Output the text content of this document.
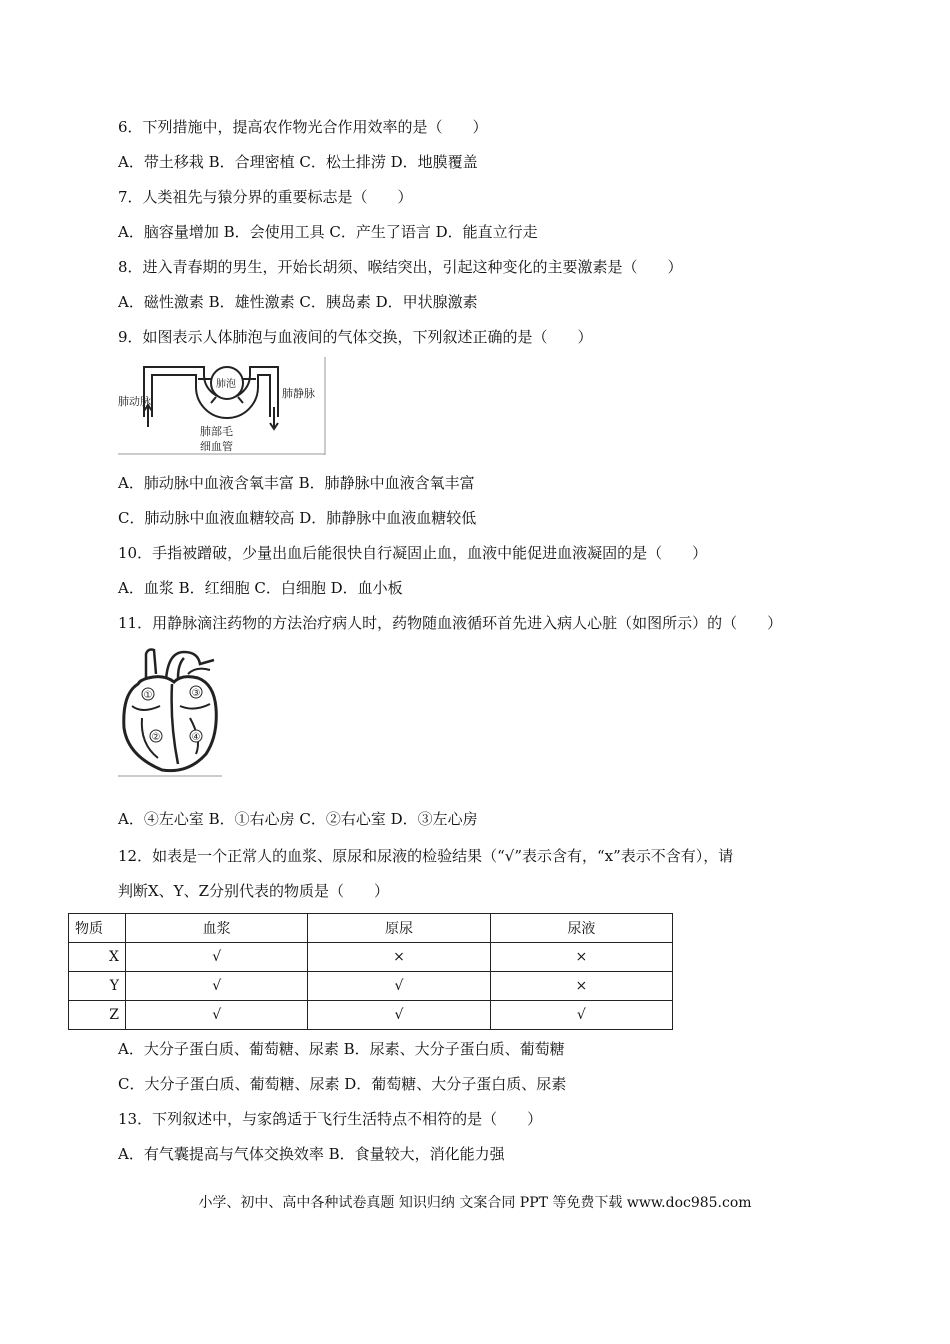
6．下列措施中，提高农作物光合作用效率的是（　　）
A．带土移栽 B．合理密植 C．松土排涝 D．地膜覆盖
7．人类祖先与猿分界的重要标志是（　　）
A．脑容量增加 B．会使用工具 C．产生了语言 D．能直立行走
8．进入青春期的男生，开始长胡须、喉结突出，引起这种变化的主要激素是（　　）
A．磁性激素 B．雄性激素 C．胰岛素 D．甲状腺激素
9．如图表示人体肺泡与血液间的气体交换，下列叙述正确的是（　　）
肺动脉
肺静脉
肺泡
肺部毛
细血管
A．肺动脉中血液含氧丰富 B．肺静脉中血液含氧丰富
C．肺动脉中血液血糖较高 D．肺静脉中血液血糖较低
10．手指被蹭破，少量出血后能很快自行凝固止血，血液中能促进血液凝固的是（　　）
A．血浆 B．红细胞 C．白细胞 D．血小板
11．用静脉滴注药物的方法治疗病人时，药物随血液循环首先进入病人心脏（如图所示）的（　　）
①
②
③
④
A．④左心室 B．①右心房 C．②右心室 D．③左心房
12．如表是一个正常人的血浆、原尿和尿液的检验结果（“√”表示含有，“x”表示不含有），请
判断X、Y、Z分别代表的物质是（　　）
物质	血浆	原尿	尿液
X	√	×	×
Y	√	√	×
Z	√	√	√
A．大分子蛋白质、葡萄糖、尿素 B．尿素、大分子蛋白质、葡萄糖
C．大分子蛋白质、葡萄糖、尿素 D．葡萄糖、大分子蛋白质、尿素
13．下列叙述中，与家鸽适于飞行生活特点不相符的是（　　）
A．有气囊提高与气体交换效率 B．食量较大，消化能力强
小学、初中、高中各种试卷真题 知识归纳 文案合同 PPT 等免费下载 www.doc985.com
